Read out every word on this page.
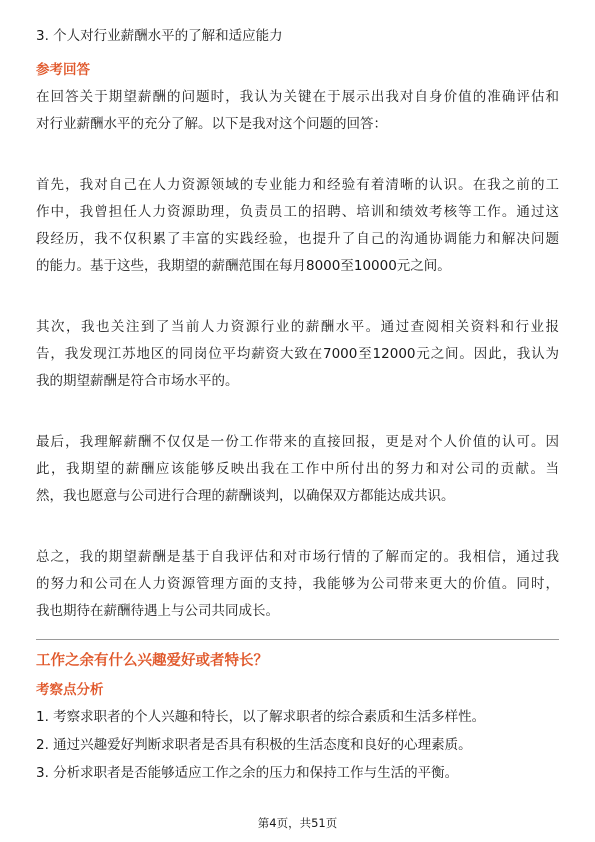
3. 个人对行业薪酬水平的了解和适应能力
参考回答
在回答关于期望薪酬的问题时，我认为关键在于展示出我对自身价值的准确评估和
对行业薪酬水平的充分了解。以下是我对这个问题的回答：
首先，我对自己在人力资源领域的专业能力和经验有着清晰的认识。在我之前的工
作中，我曾担任人力资源助理，负责员工的招聘、培训和绩效考核等工作。通过这
段经历，我不仅积累了丰富的实践经验，也提升了自己的沟通协调能力和解决问题
的能力。基于这些，我期望的薪酬范围在每月8000至10000元之间。
其次，我也关注到了当前人力资源行业的薪酬水平。通过查阅相关资料和行业报
告，我发现江苏地区的同岗位平均薪资大致在7000至12000元之间。因此，我认为
我的期望薪酬是符合市场水平的。
最后，我理解薪酬不仅仅是一份工作带来的直接回报，更是对个人价值的认可。因
此，我期望的薪酬应该能够反映出我在工作中所付出的努力和对公司的贡献。当
然，我也愿意与公司进行合理的薪酬谈判，以确保双方都能达成共识。
总之，我的期望薪酬是基于自我评估和对市场行情的了解而定的。我相信，通过我
的努力和公司在人力资源管理方面的支持，我能够为公司带来更大的价值。同时，
我也期待在薪酬待遇上与公司共同成长。
工作之余有什么兴趣爱好或者特长？
考察点分析
1. 考察求职者的个人兴趣和特长，以了解求职者的综合素质和生活多样性。
2. 通过兴趣爱好判断求职者是否具有积极的生活态度和良好的心理素质。
3. 分析求职者是否能够适应工作之余的压力和保持工作与生活的平衡。
第4页，共51页
